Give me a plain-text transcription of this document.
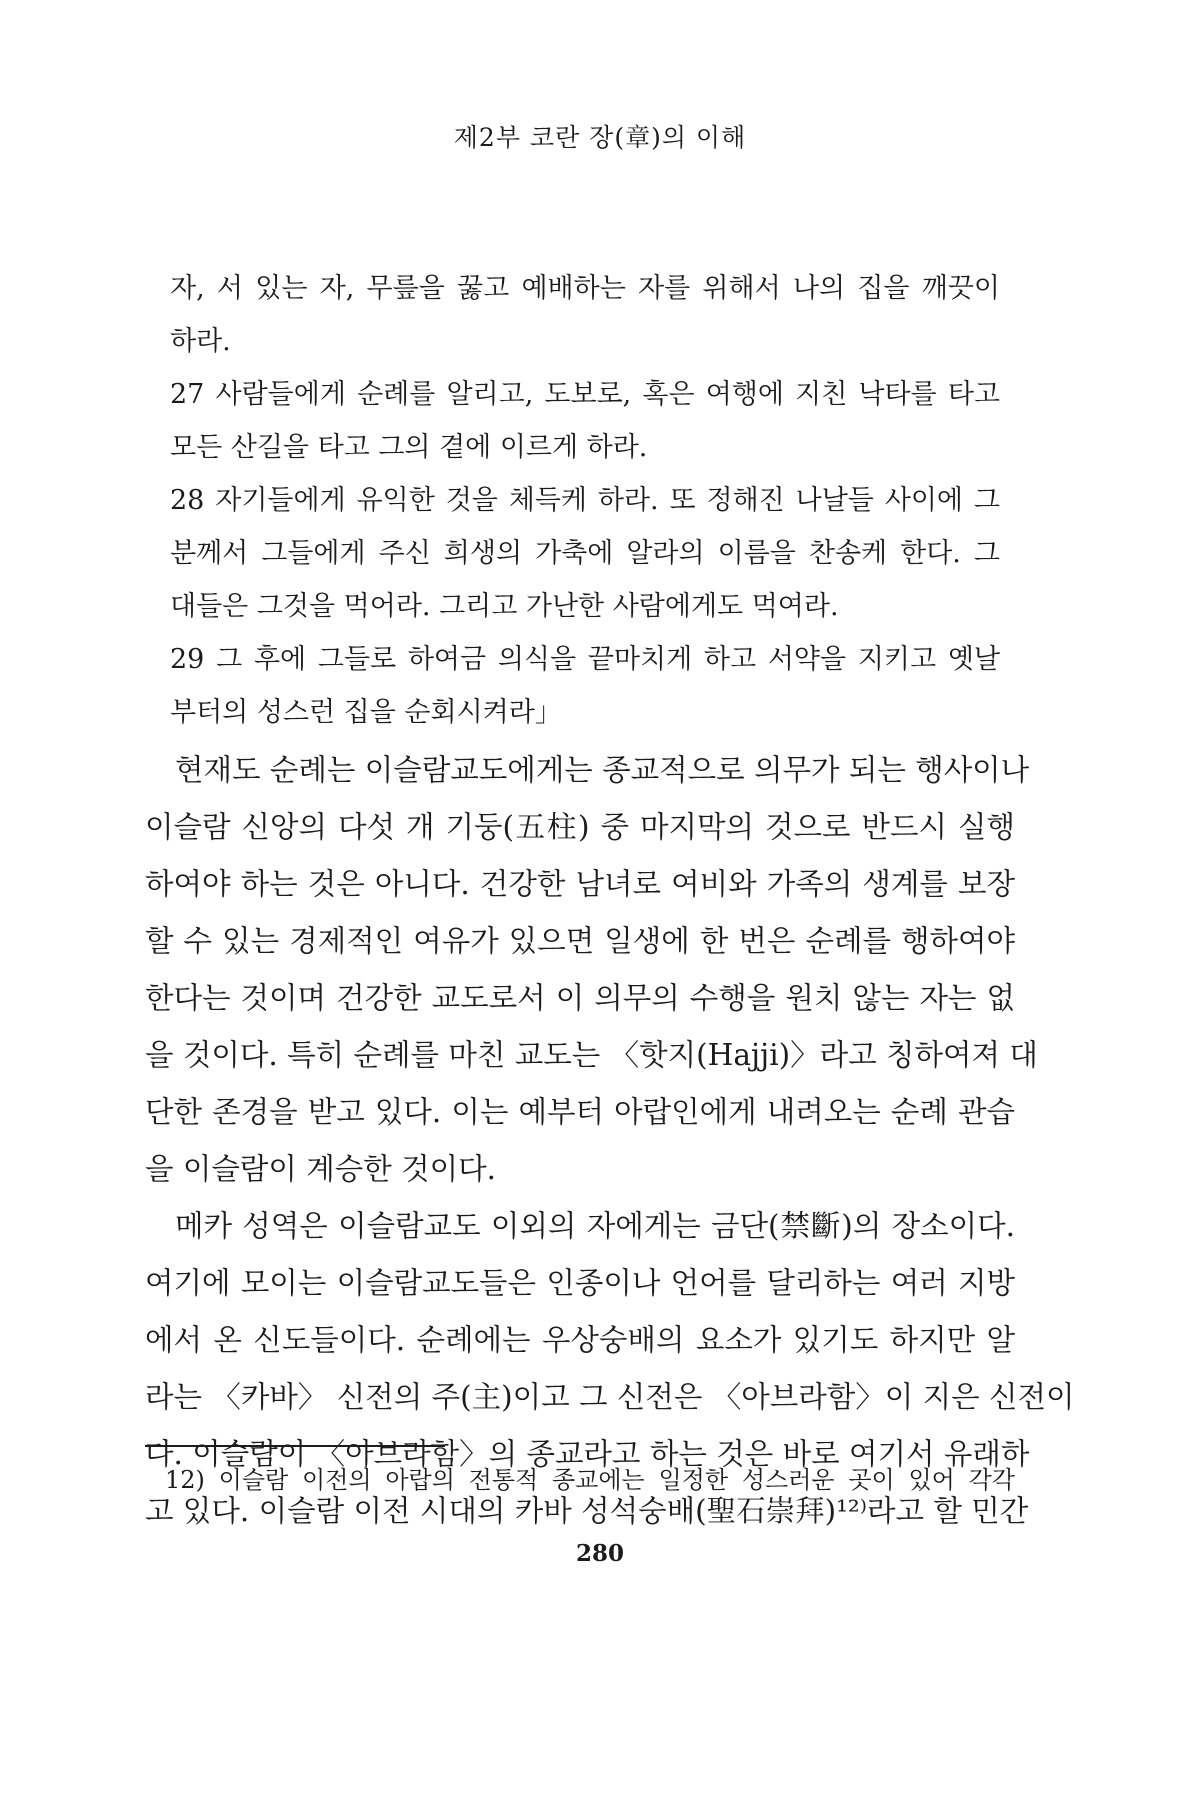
제2부 코란 장(章)의 이해
자, 서 있는 자, 무릎을 꿇고 예배하는 자를 위해서 나의 집을 깨끗이
하라.
27 사람들에게 순례를 알리고, 도보로, 혹은 여행에 지친 낙타를 타고
모든 산길을 타고 그의 곁에 이르게 하라.
28 자기들에게 유익한 것을 체득케 하라. 또 정해진 나날들 사이에 그
분께서 그들에게 주신 희생의 가축에 알라의 이름을 찬송케 한다. 그
대들은 그것을 먹어라. 그리고 가난한 사람에게도 먹여라.
29 그 후에 그들로 하여금 의식을 끝마치게 하고 서약을 지키고 옛날
부터의 성스런 집을 순회시켜라」
현재도 순례는 이슬람교도에게는 종교적으로 의무가 되는 행사이나
이슬람 신앙의 다섯 개 기둥(五柱) 중 마지막의 것으로 반드시 실행
하여야 하는 것은 아니다. 건강한 남녀로 여비와 가족의 생계를 보장
할 수 있는 경제적인 여유가 있으면 일생에 한 번은 순례를 행하여야
한다는 것이며 건강한 교도로서 이 의무의 수행을 원치 않는 자는 없
을 것이다. 특히 순례를 마친 교도는 〈핫지(Hajji)〉라고 칭하여져 대
단한 존경을 받고 있다. 이는 예부터 아랍인에게 내려오는 순례 관습
을 이슬람이 계승한 것이다.
메카 성역은 이슬람교도 이외의 자에게는 금단(禁斷)의 장소이다.
여기에 모이는 이슬람교도들은 인종이나 언어를 달리하는 여러 지방
에서 온 신도들이다. 순례에는 우상숭배의 요소가 있기도 하지만 알
라는 〈카바〉 신전의 주(主)이고 그 신전은 〈아브라함〉이 지은 신전이
다. 이슬람이 〈아브라함〉의 종교라고 하는 것은 바로 여기서 유래하
고 있다. 이슬람 이전 시대의 카바 성석숭배(聖石崇拜)¹²⁾라고 할 민간
12) 이슬람 이전의 아랍의 전통적 종교에는 일정한 성스러운 곳이 있어 각각
280
